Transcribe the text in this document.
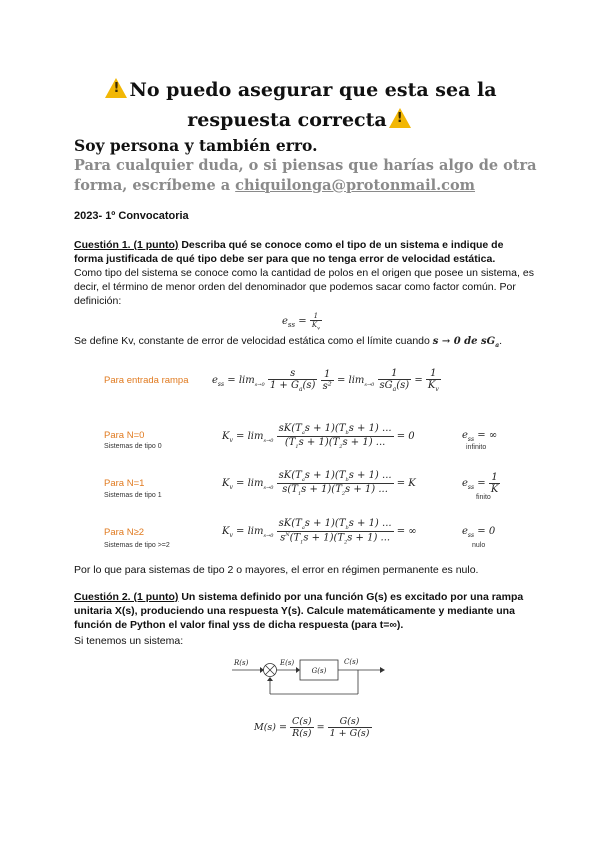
!No puedo asegurar que esta sea la
respuesta correcta!
Soy persona y también erro.
Para cualquier duda, o si piensas que harías algo de otra
forma, escríbeme a chiquilonga@protonmail.com
2023- 1º Convocatoria
Cuestión 1. (1 punto) Describa qué se conoce como el tipo de un sistema e indique de forma justificada de qué tipo debe ser para que no tenga error de velocidad estática.
Como tipo del sistema se conoce como la cantidad de polos en el origen que posee un sistema, es decir, el término de menor orden del denominador que podemos sacar como factor común. Por definición:
$e_{ss} = \frac{1}{K_v}$
Se define Kv, constante de error de velocidad estática como el límite cuando s → 0 de $sG_a$.
Para entrada rampa $e_{ss} = \lim_{s\to 0} \frac{s}{1 + G_a(s)}$
$\frac{1}{\text{s²}} = \lim_{s\to 0} \frac{1}{sG_a(s)} = \frac{1}{K_v}$
Para N=0
Sistemas de tipo 0
$K_v = \lim_{s\to 0} \frac{sK(T_as + 1)(T_bs + 1) ...}{(T_1s + 1)(T_2s + 1) ...} = 0$	$e_{ss}$ = ∞
infinito
Para N=1
Sistemas de tipo 1
$K_v = \lim_{s\to 0} \frac{sK(T_as + 1)(T_bs + 1) ...}{s(T_1s + 1)(T_2s + 1) ...} = K$	$e_{ss} = \frac{1}{K}$
finito
Para N≥2
Sistemas de tipo >=2
$K_v = \lim_{s\to 0} \frac{sK(T_as + 1)(T_bs + 1) ...}{s^N(T_1s + 1)(T_2s + 1) ...}$ = ∞	$e_{ss} = 0$
nulo
Por lo que para sistemas de tipo 2 o mayores, el error en régimen permanente es nulo.
Cuestión 2. (1 punto) Un sistema definido por una función G(s) es excitado por una rampa unitaria X(s), produciendo una respuesta Y(s). Calcule matemáticamente y mediante una función de Python el valor final yss de dicha respuesta (para t=∞).
Si tenemos un sistema:
R(s)	E(s)
G(s)
C(s)
$M(s) = \frac{C(s)}{R(s)} = \frac{G(s)}{1 + G(s)}$
